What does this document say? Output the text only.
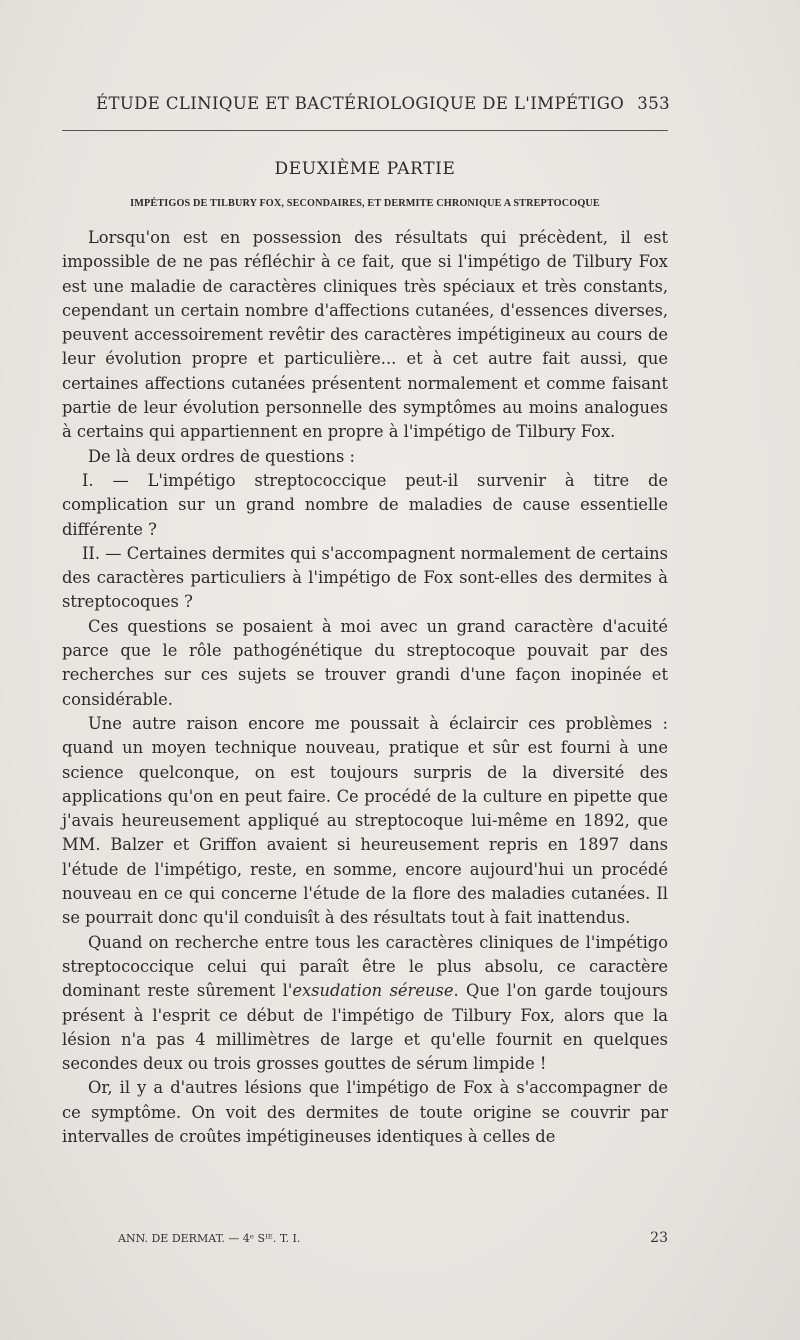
ÉTUDE CLINIQUE ET BACTÉRIOLOGIQUE DE L'IMPÉTIGO 353
DEUXIÈME PARTIE
IMPÉTIGOS DE TILBURY FOX, SECONDAIRES, ET DERMITE CHRONIQUE A STREPTOCOQUE

Lorsqu'on est en possession des résultats qui précèdent, il est impossible de ne pas réfléchir à ce fait, que si l'impétigo de Tilbury Fox est une maladie de caractères cliniques très spéciaux et très constants, cependant un certain nombre d'affections cutanées, d'essences diverses, peuvent accessoirement revêtir des caractères impétigineux au cours de leur évolution propre et particulière... et à cet autre fait aussi, que certaines affections cutanées présentent normalement et comme faisant partie de leur évolution personnelle des symptômes au moins analogues à certains qui appartiennent en propre à l'impétigo de Tilbury Fox.

De là deux ordres de questions :

I. — L'impétigo streptococcique peut-il survenir à titre de complication sur un grand nombre de maladies de cause essentielle différente ?

II. — Certaines dermites qui s'accompagnent normalement de certains des caractères particuliers à l'impétigo de Fox sont-elles des dermites à streptocoques ?

Ces questions se posaient à moi avec un grand caractère d'acuité parce que le rôle pathogénétique du streptocoque pouvait par des recherches sur ces sujets se trouver grandi d'une façon inopinée et considérable.

Une autre raison encore me poussait à éclaircir ces problèmes : quand un moyen technique nouveau, pratique et sûr est fourni à une science quelconque, on est toujours surpris de la diversité des applications qu'on en peut faire. Ce procédé de la culture en pipette que j'avais heureusement appliqué au streptocoque lui-même en 1892, que MM. Balzer et Griffon avaient si heureusement repris en 1897 dans l'étude de l'impétigo, reste, en somme, encore aujourd'hui un procédé nouveau en ce qui concerne l'étude de la flore des maladies cutanées. Il se pourrait donc qu'il conduisît à des résultats tout à fait inattendus.

Quand on recherche entre tous les caractères cliniques de l'impétigo streptococcique celui qui paraît être le plus absolu, ce caractère dominant reste sûrement l'exsudation séreuse. Que l'on garde toujours présent à l'esprit ce début de l'impétigo de Tilbury Fox, alors que la lésion n'a pas 4 millimètres de large et qu'elle fournit en quelques secondes deux ou trois grosses gouttes de sérum limpide !

Or, il y a d'autres lésions que l'impétigo de Fox à s'accompagner de ce symptôme. On voit des dermites de toute origine se couvrir par intervalles de croûtes impétigineuses identiques à celles de

ANN. DE DERMAT. — 4ᵉ Sᴵᴱ. T. I.	23
